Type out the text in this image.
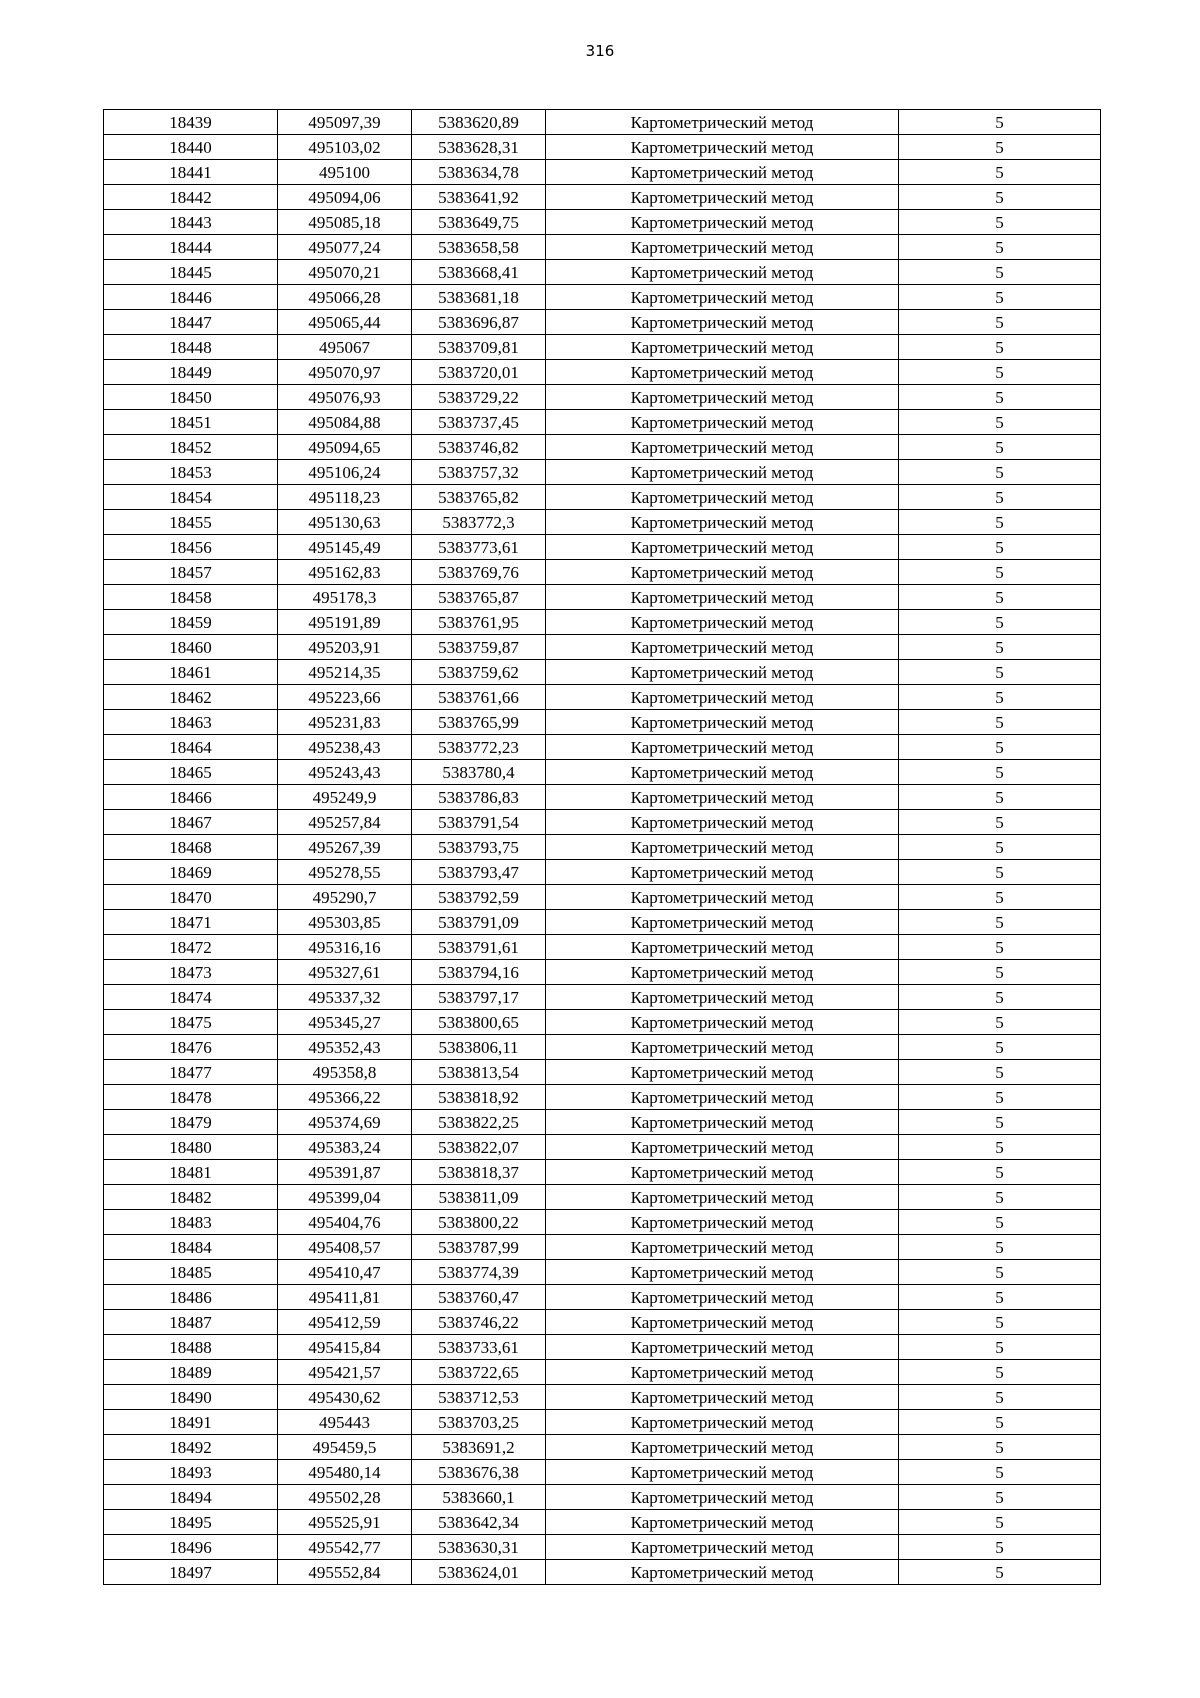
316
18439	495097,39	5383620,89	Картометрический метод	5
18440	495103,02	5383628,31	Картометрический метод	5
18441	495100	5383634,78	Картометрический метод	5
18442	495094,06	5383641,92	Картометрический метод	5
18443	495085,18	5383649,75	Картометрический метод	5
18444	495077,24	5383658,58	Картометрический метод	5
18445	495070,21	5383668,41	Картометрический метод	5
18446	495066,28	5383681,18	Картометрический метод	5
18447	495065,44	5383696,87	Картометрический метод	5
18448	495067	5383709,81	Картометрический метод	5
18449	495070,97	5383720,01	Картометрический метод	5
18450	495076,93	5383729,22	Картометрический метод	5
18451	495084,88	5383737,45	Картометрический метод	5
18452	495094,65	5383746,82	Картометрический метод	5
18453	495106,24	5383757,32	Картометрический метод	5
18454	495118,23	5383765,82	Картометрический метод	5
18455	495130,63	5383772,3	Картометрический метод	5
18456	495145,49	5383773,61	Картометрический метод	5
18457	495162,83	5383769,76	Картометрический метод	5
18458	495178,3	5383765,87	Картометрический метод	5
18459	495191,89	5383761,95	Картометрический метод	5
18460	495203,91	5383759,87	Картометрический метод	5
18461	495214,35	5383759,62	Картометрический метод	5
18462	495223,66	5383761,66	Картометрический метод	5
18463	495231,83	5383765,99	Картометрический метод	5
18464	495238,43	5383772,23	Картометрический метод	5
18465	495243,43	5383780,4	Картометрический метод	5
18466	495249,9	5383786,83	Картометрический метод	5
18467	495257,84	5383791,54	Картометрический метод	5
18468	495267,39	5383793,75	Картометрический метод	5
18469	495278,55	5383793,47	Картометрический метод	5
18470	495290,7	5383792,59	Картометрический метод	5
18471	495303,85	5383791,09	Картометрический метод	5
18472	495316,16	5383791,61	Картометрический метод	5
18473	495327,61	5383794,16	Картометрический метод	5
18474	495337,32	5383797,17	Картометрический метод	5
18475	495345,27	5383800,65	Картометрический метод	5
18476	495352,43	5383806,11	Картометрический метод	5
18477	495358,8	5383813,54	Картометрический метод	5
18478	495366,22	5383818,92	Картометрический метод	5
18479	495374,69	5383822,25	Картометрический метод	5
18480	495383,24	5383822,07	Картометрический метод	5
18481	495391,87	5383818,37	Картометрический метод	5
18482	495399,04	5383811,09	Картометрический метод	5
18483	495404,76	5383800,22	Картометрический метод	5
18484	495408,57	5383787,99	Картометрический метод	5
18485	495410,47	5383774,39	Картометрический метод	5
18486	495411,81	5383760,47	Картометрический метод	5
18487	495412,59	5383746,22	Картометрический метод	5
18488	495415,84	5383733,61	Картометрический метод	5
18489	495421,57	5383722,65	Картометрический метод	5
18490	495430,62	5383712,53	Картометрический метод	5
18491	495443	5383703,25	Картометрический метод	5
18492	495459,5	5383691,2	Картометрический метод	5
18493	495480,14	5383676,38	Картометрический метод	5
18494	495502,28	5383660,1	Картометрический метод	5
18495	495525,91	5383642,34	Картометрический метод	5
18496	495542,77	5383630,31	Картометрический метод	5
18497	495552,84	5383624,01	Картометрический метод	5
